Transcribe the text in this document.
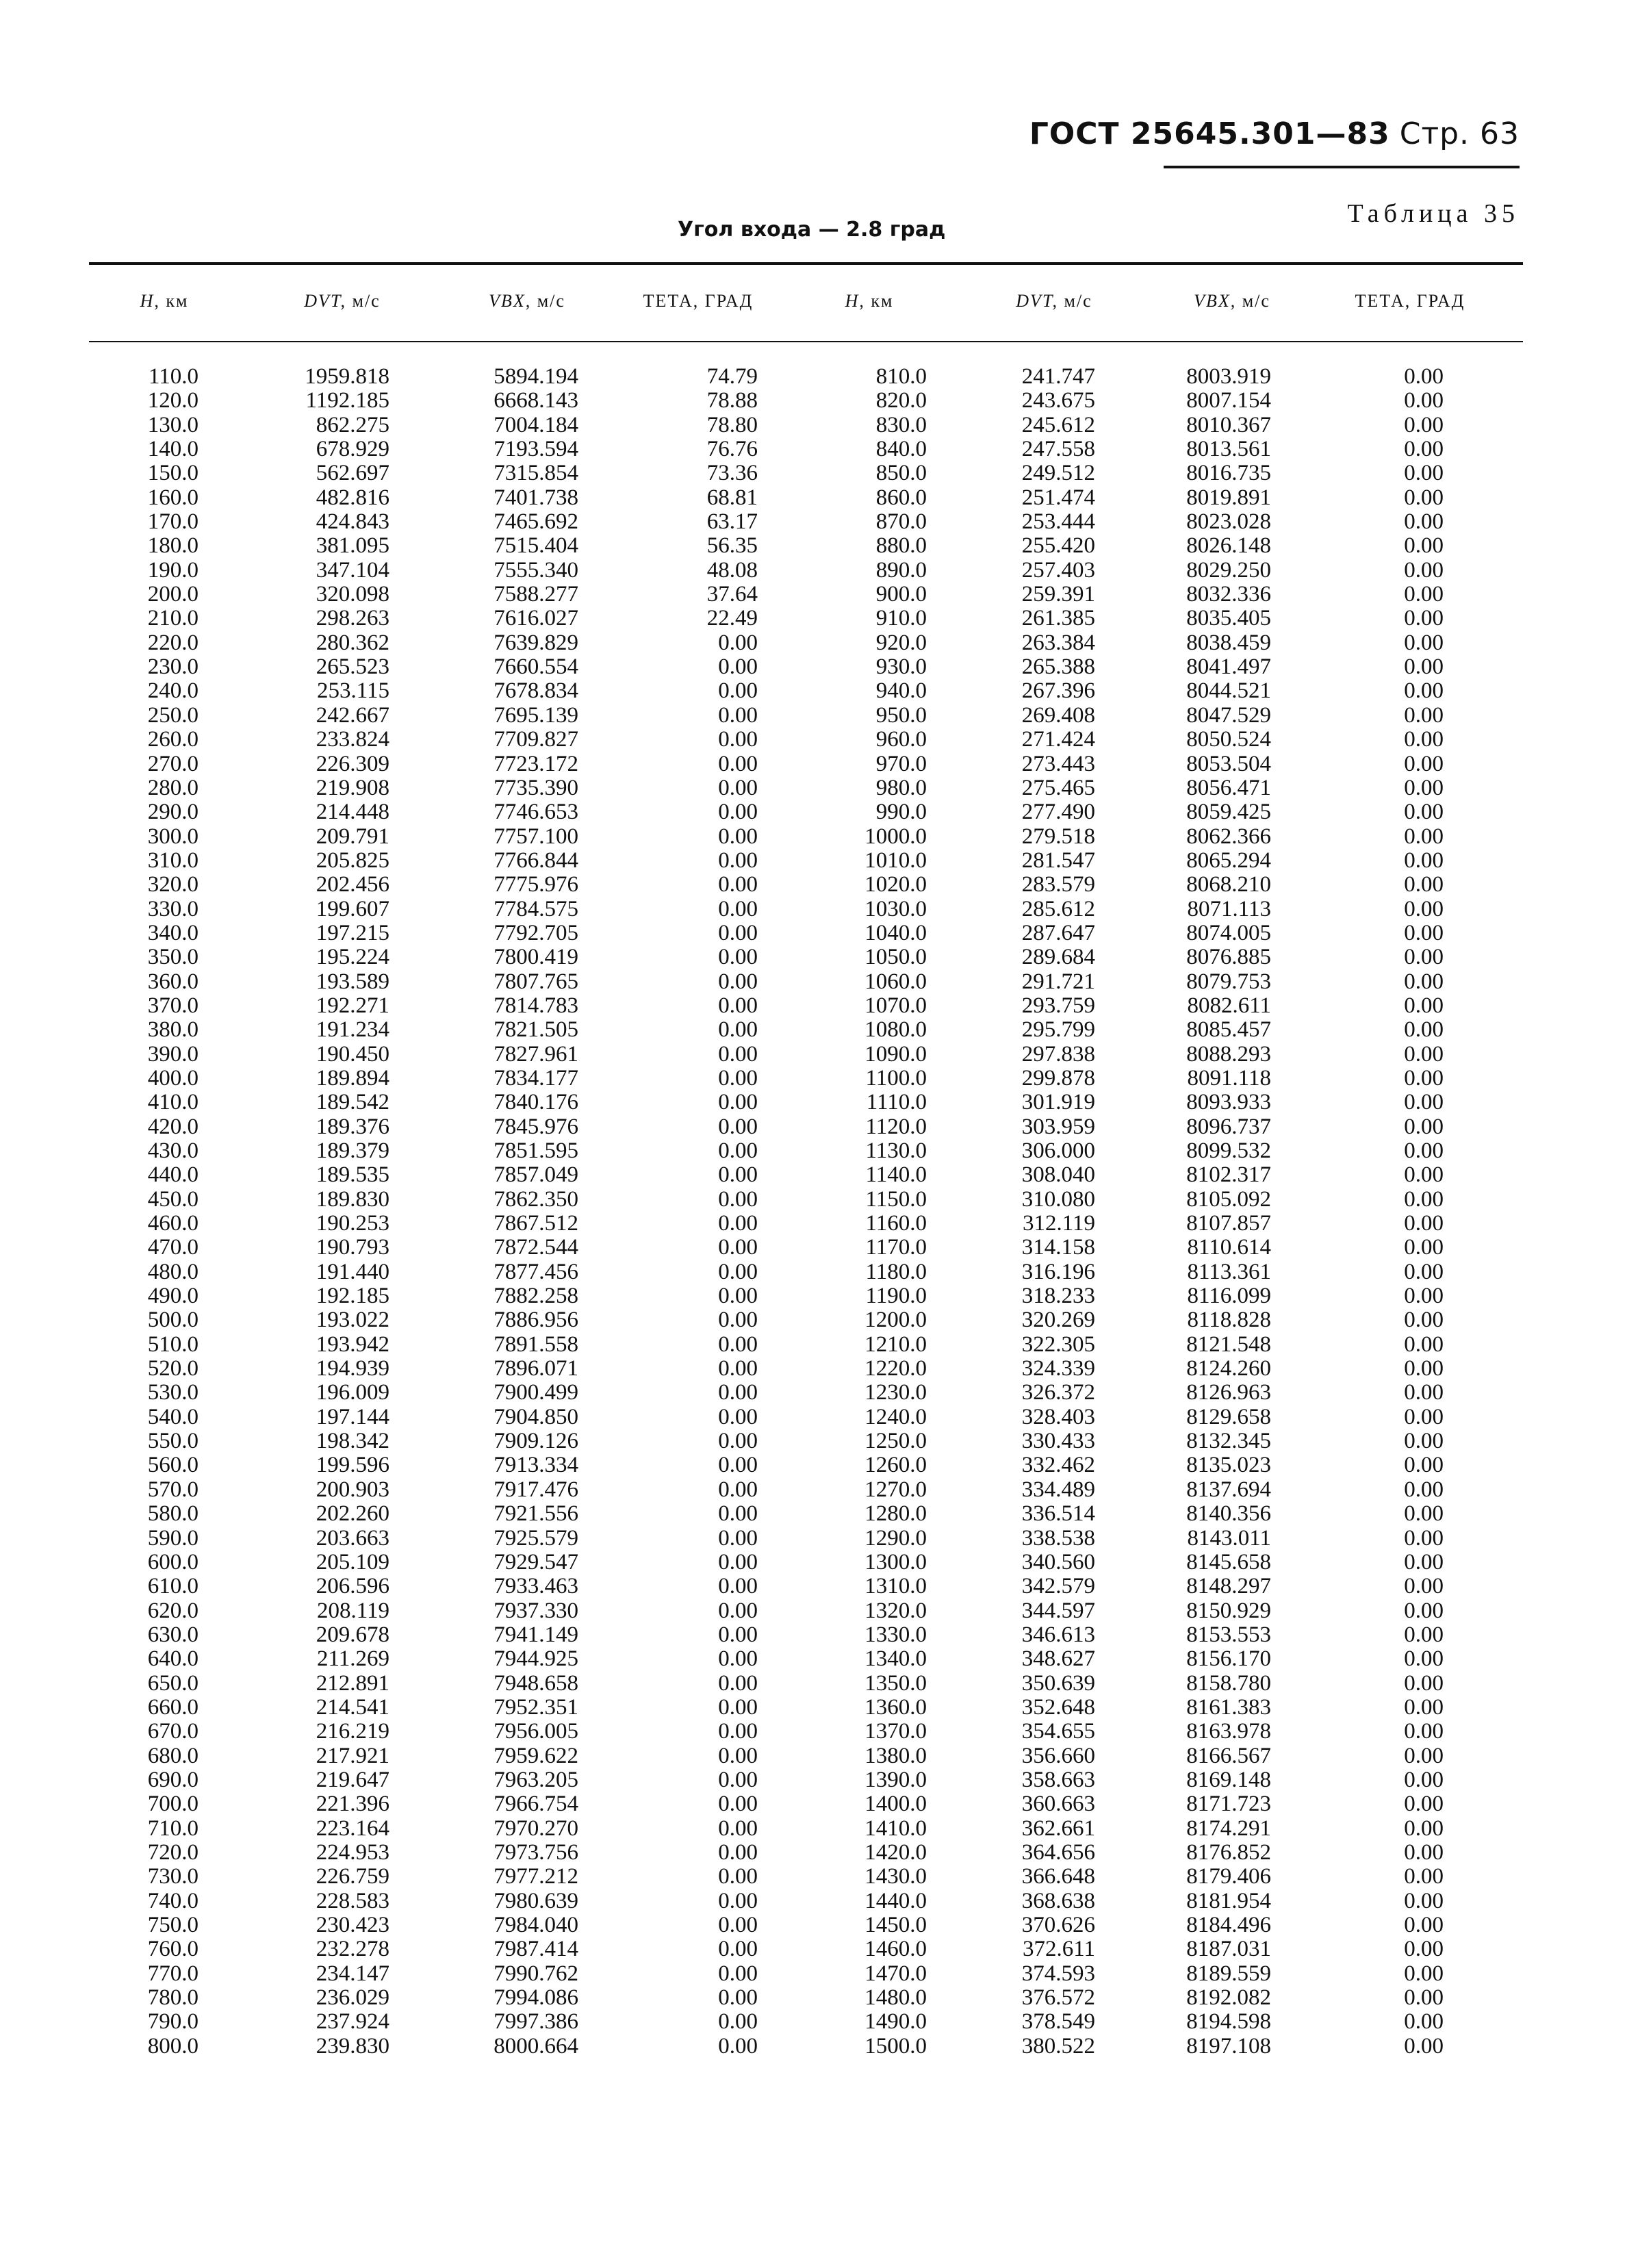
ГОСТ 25645.301—83 Стр. 63
Таблица 35
Угол входа — 2.8 град
H, км	DVT, м/с	VBX, м/с	ТЕТА, ГРАД	H, км	DVT, м/с	VBX, м/с	ТЕТА, ГРАД
110.0	1959.818	5894.194	74.79	810.0	241.747	8003.919	0.00
120.0	1192.185	6668.143	78.88	820.0	243.675	8007.154	0.00
130.0	862.275	7004.184	78.80	830.0	245.612	8010.367	0.00
140.0	678.929	7193.594	76.76	840.0	247.558	8013.561	0.00
150.0	562.697	7315.854	73.36	850.0	249.512	8016.735	0.00
160.0	482.816	7401.738	68.81	860.0	251.474	8019.891	0.00
170.0	424.843	7465.692	63.17	870.0	253.444	8023.028	0.00
180.0	381.095	7515.404	56.35	880.0	255.420	8026.148	0.00
190.0	347.104	7555.340	48.08	890.0	257.403	8029.250	0.00
200.0	320.098	7588.277	37.64	900.0	259.391	8032.336	0.00
210.0	298.263	7616.027	22.49	910.0	261.385	8035.405	0.00
220.0	280.362	7639.829	0.00	920.0	263.384	8038.459	0.00
230.0	265.523	7660.554	0.00	930.0	265.388	8041.497	0.00
240.0	253.115	7678.834	0.00	940.0	267.396	8044.521	0.00
250.0	242.667	7695.139	0.00	950.0	269.408	8047.529	0.00
260.0	233.824	7709.827	0.00	960.0	271.424	8050.524	0.00
270.0	226.309	7723.172	0.00	970.0	273.443	8053.504	0.00
280.0	219.908	7735.390	0.00	980.0	275.465	8056.471	0.00
290.0	214.448	7746.653	0.00	990.0	277.490	8059.425	0.00
300.0	209.791	7757.100	0.00	1000.0	279.518	8062.366	0.00
310.0	205.825	7766.844	0.00	1010.0	281.547	8065.294	0.00
320.0	202.456	7775.976	0.00	1020.0	283.579	8068.210	0.00
330.0	199.607	7784.575	0.00	1030.0	285.612	8071.113	0.00
340.0	197.215	7792.705	0.00	1040.0	287.647	8074.005	0.00
350.0	195.224	7800.419	0.00	1050.0	289.684	8076.885	0.00
360.0	193.589	7807.765	0.00	1060.0	291.721	8079.753	0.00
370.0	192.271	7814.783	0.00	1070.0	293.759	8082.611	0.00
380.0	191.234	7821.505	0.00	1080.0	295.799	8085.457	0.00
390.0	190.450	7827.961	0.00	1090.0	297.838	8088.293	0.00
400.0	189.894	7834.177	0.00	1100.0	299.878	8091.118	0.00
410.0	189.542	7840.176	0.00	1110.0	301.919	8093.933	0.00
420.0	189.376	7845.976	0.00	1120.0	303.959	8096.737	0.00
430.0	189.379	7851.595	0.00	1130.0	306.000	8099.532	0.00
440.0	189.535	7857.049	0.00	1140.0	308.040	8102.317	0.00
450.0	189.830	7862.350	0.00	1150.0	310.080	8105.092	0.00
460.0	190.253	7867.512	0.00	1160.0	312.119	8107.857	0.00
470.0	190.793	7872.544	0.00	1170.0	314.158	8110.614	0.00
480.0	191.440	7877.456	0.00	1180.0	316.196	8113.361	0.00
490.0	192.185	7882.258	0.00	1190.0	318.233	8116.099	0.00
500.0	193.022	7886.956	0.00	1200.0	320.269	8118.828	0.00
510.0	193.942	7891.558	0.00	1210.0	322.305	8121.548	0.00
520.0	194.939	7896.071	0.00	1220.0	324.339	8124.260	0.00
530.0	196.009	7900.499	0.00	1230.0	326.372	8126.963	0.00
540.0	197.144	7904.850	0.00	1240.0	328.403	8129.658	0.00
550.0	198.342	7909.126	0.00	1250.0	330.433	8132.345	0.00
560.0	199.596	7913.334	0.00	1260.0	332.462	8135.023	0.00
570.0	200.903	7917.476	0.00	1270.0	334.489	8137.694	0.00
580.0	202.260	7921.556	0.00	1280.0	336.514	8140.356	0.00
590.0	203.663	7925.579	0.00	1290.0	338.538	8143.011	0.00
600.0	205.109	7929.547	0.00	1300.0	340.560	8145.658	0.00
610.0	206.596	7933.463	0.00	1310.0	342.579	8148.297	0.00
620.0	208.119	7937.330	0.00	1320.0	344.597	8150.929	0.00
630.0	209.678	7941.149	0.00	1330.0	346.613	8153.553	0.00
640.0	211.269	7944.925	0.00	1340.0	348.627	8156.170	0.00
650.0	212.891	7948.658	0.00	1350.0	350.639	8158.780	0.00
660.0	214.541	7952.351	0.00	1360.0	352.648	8161.383	0.00
670.0	216.219	7956.005	0.00	1370.0	354.655	8163.978	0.00
680.0	217.921	7959.622	0.00	1380.0	356.660	8166.567	0.00
690.0	219.647	7963.205	0.00	1390.0	358.663	8169.148	0.00
700.0	221.396	7966.754	0.00	1400.0	360.663	8171.723	0.00
710.0	223.164	7970.270	0.00	1410.0	362.661	8174.291	0.00
720.0	224.953	7973.756	0.00	1420.0	364.656	8176.852	0.00
730.0	226.759	7977.212	0.00	1430.0	366.648	8179.406	0.00
740.0	228.583	7980.639	0.00	1440.0	368.638	8181.954	0.00
750.0	230.423	7984.040	0.00	1450.0	370.626	8184.496	0.00
760.0	232.278	7987.414	0.00	1460.0	372.611	8187.031	0.00
770.0	234.147	7990.762	0.00	1470.0	374.593	8189.559	0.00
780.0	236.029	7994.086	0.00	1480.0	376.572	8192.082	0.00
790.0	237.924	7997.386	0.00	1490.0	378.549	8194.598	0.00
800.0	239.830	8000.664	0.00	1500.0	380.522	8197.108	0.00
